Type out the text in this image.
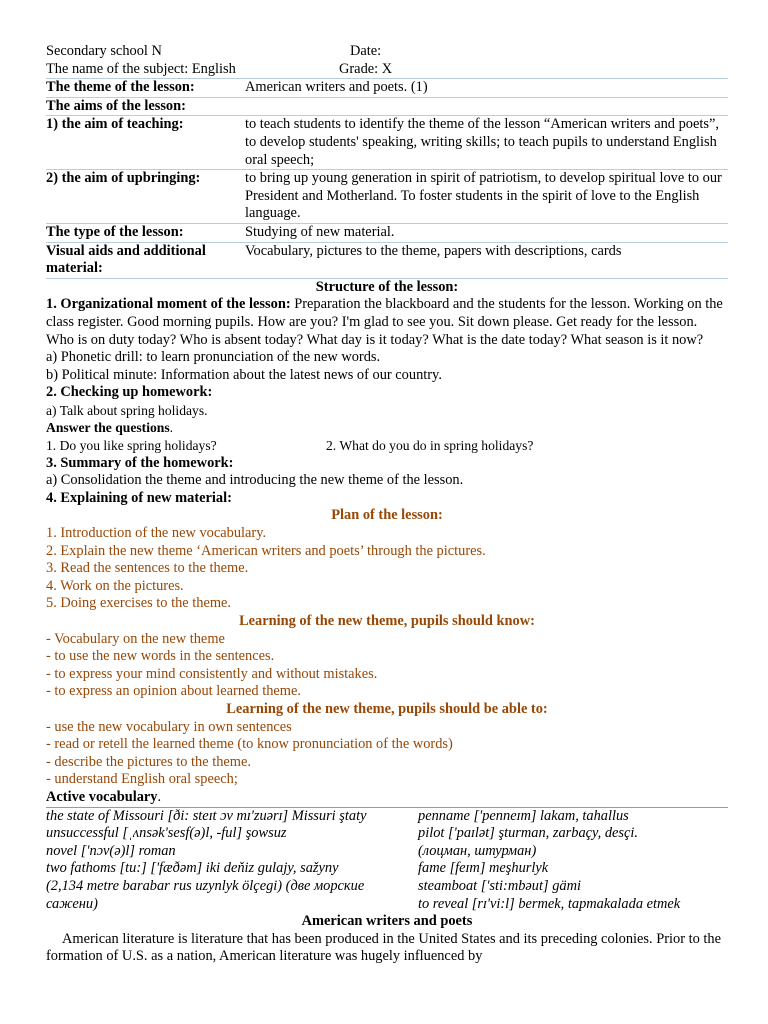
Secondary school N	Date:
The name of the subject: English	Grade: X
The theme of the lesson:	American writers and poets. (1)
The aims of the lesson:	
1) the aim of teaching:	to teach students to identify the theme of the lesson “American writers and poets”, to develop students' speaking, writing skills; to teach pupils to understand English oral speech;
2) the aim of upbringing:	to bring up young generation in spirit of patriotism, to develop spiritual love to our President and Motherland. To foster students in the spirit of love to the English language.
The type of the lesson:	Studying of new material.
Visual aids and additional material:	Vocabulary, pictures to the theme, papers with descriptions, cards
Structure of the lesson:
1. Organizational moment of the lesson: Preparation the blackboard and the students for the lesson. Working on the class register. Good morning pupils. How are you? I'm glad to see you. Sit down please. Get ready for the lesson. Who is on duty today? Who is absent today? What day is it today? What is the date today? What season is it now?
a) Phonetic drill: to learn pronunciation of the new words.
b) Political minute: Information about the latest news of our country.
2. Checking up homework:
a) Talk about spring holidays.
Answer the questions.
1. Do you like spring holidays?	2. What do you do in spring holidays?
3. Summary of the homework:
a) Consolidation the theme and introducing the new theme of the lesson.
4. Explaining of new material:
Plan of the lesson:
1. Introduction of the new vocabulary.
2. Explain the new theme ‘American writers and poets’ through the pictures.
3. Read the sentences to the theme.
4. Work on the pictures.
5. Doing exercises to the theme.
Learning of the new theme, pupils should know:
- Vocabulary on the new theme
- to use the new words in the sentences.
- to express your mind consistently and without mistakes.
- to express an opinion about learned theme.
Learning of the new theme, pupils should be able to:
- use the new vocabulary in own sentences
- read or retell the learned theme (to know pronunciation of the words)
- describe the pictures to the theme.
- understand English oral speech;
Active vocabulary.
the state of Missouri [ði: steɪt ɔv mɪ'zuərɪ] Missuri ştaty	penname ['penneɪm] lakam, tahallus
unsuccessful [ˌʌnsək'sesf(ə)l, -ful] şowsuz	pilot ['paɪlət] şturman, zarbaçy, desçi.
novel ['nɔv(ə)l] roman	(лоцман, штурман)
two fathoms [tu:] ['fæðəm] iki deňiz gulajy, sažyny	fame [feɪm] meşhurlyk
(2,134 metre barabar rus uzynlyk ölçegi) (две морские	steamboat ['sti:mbəut] gämi
сажени)	to reveal [rɪ'vi:l] bermek, tapmakalada etmek
American writers and poets
American literature is literature that has been produced in the United States and its preceding colonies. Prior to the formation of U.S. as a nation, American literature was hugely influenced by
